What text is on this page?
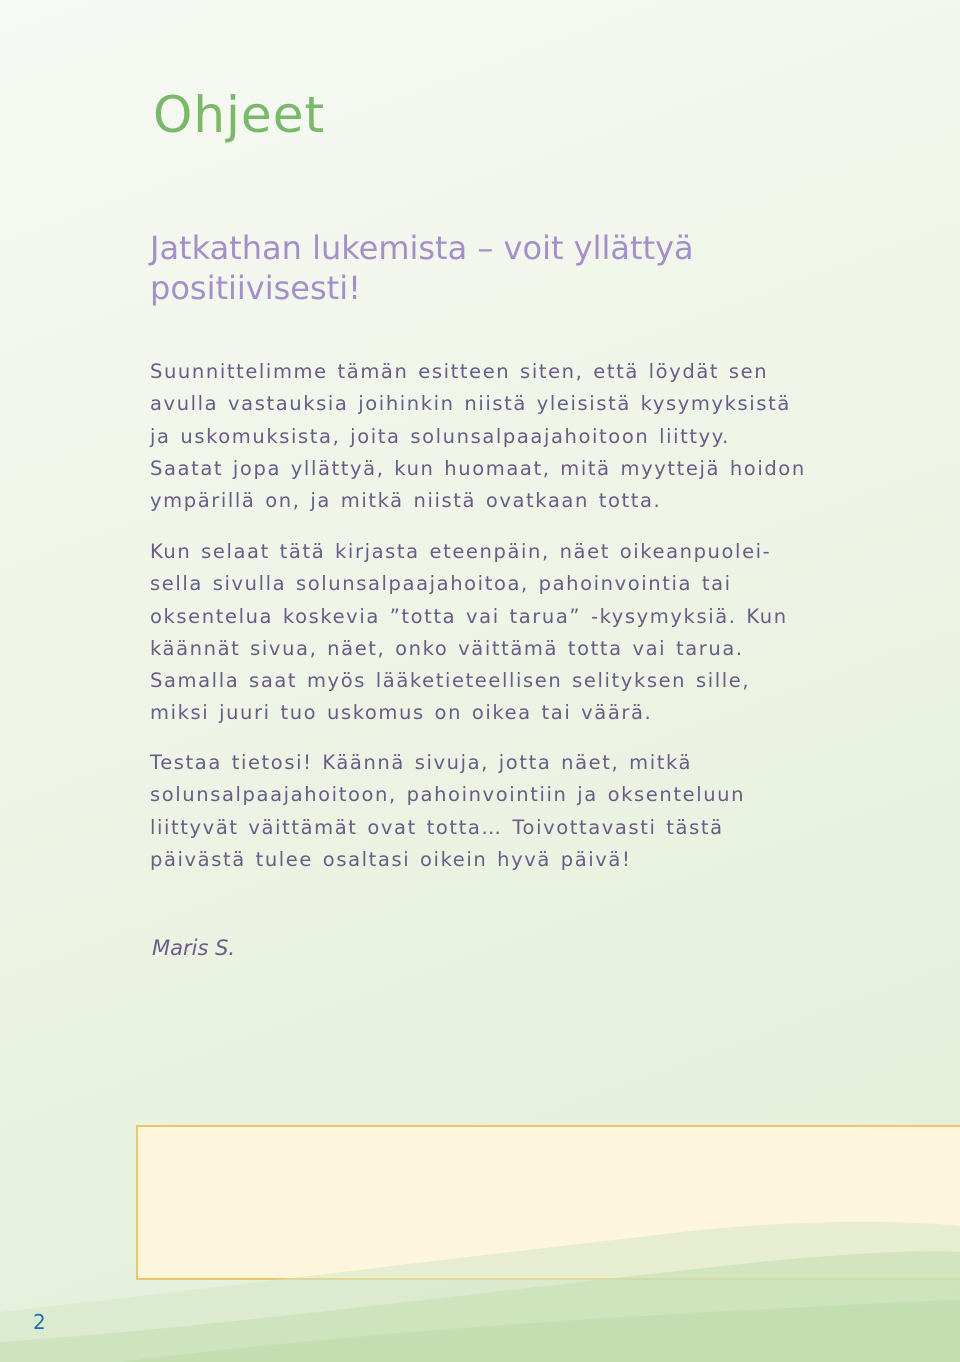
Ohjeet
Jatkathan lukemista – voit yllättyä positiivisesti!

Suunnittelimme tämän esitteen siten, että löydät sen avulla vastauksia joihinkin niistä yleisistä kysymyksistä ja uskomuksista, joita solunsalpaajahoitoon liittyy. Saatat jopa yllättyä, kun huomaat, mitä myyttejä hoidon ympärillä on, ja mitkä niistä ovatkaan totta.

Kun selaat tätä kirjasta eteenpäin, näet oikeanpuolei-sella sivulla solunsalpaajahoitoa, pahoinvointia tai oksentelua koskevia ”totta vai tarua” -kysymyksiä. Kun käännät sivua, näet, onko väittämä totta vai tarua. Samalla saat myös lääketieteellisen selityksen sille, miksi juuri tuo uskomus on oikea tai väärä.

Testaa tietosi! Käännä sivuja, jotta näet, mitkä solunsalpaajahoitoon, pahoinvointiin ja oksenteluun liittyvät väittämät ovat totta… Toivottavasti tästä päivästä tulee osaltasi oikein hyvä päivä!

Maris S.

2
